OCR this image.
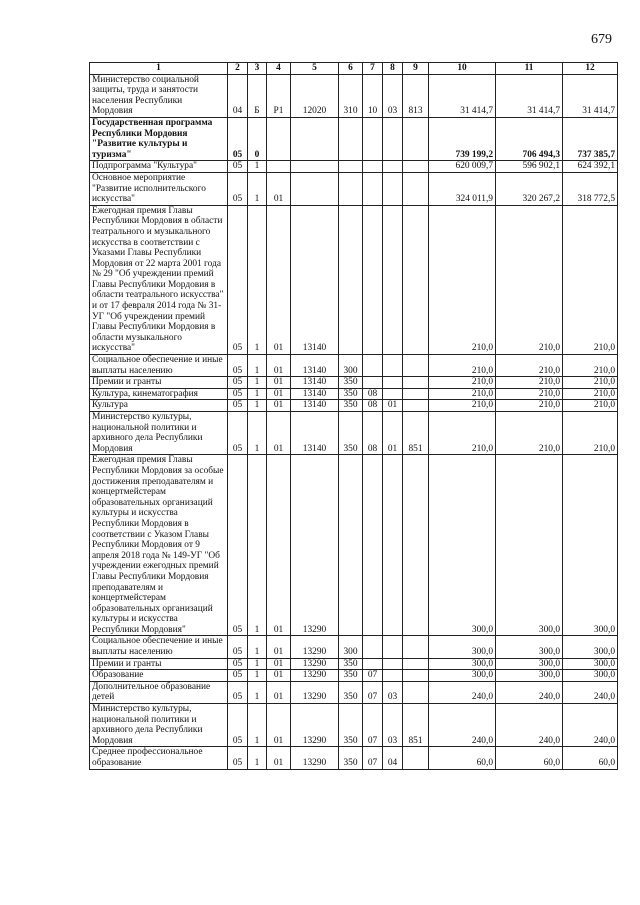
679
1	2	3	4	5	6	7	8	9	10	11	12
Министерство социальной защиты, труда и занятости населения Республики Мордовия	04	Б	Р1	12020	310	10	03	813	31 414,7	31 414,7	31 414,7
Государственная программа Республики Мордовия "Развитие культуры и туризма"	05	0							739 199,2	706 494,3	737 385,7
Подпрограмма "Культура"	05	1							620 009,7	596 902,1	624 392,1
Основное мероприятие "Развитие исполнительского искусства"	05	1	01						324 011,9	320 267,2	318 772,5
Ежегодная премия Главы Республики Мордовия в области театрального и музыкального искусства в соответствии с Указами Главы Республики Мордовия от 22 марта 2001 года № 29 "Об учреждении премий Главы Республики Мордовия в области театрального искусства" и от 17 февраля 2014 года № 31-УГ "Об учреждении премий Главы Республики Мордовия в области музыкального искусства"	05	1	01	13140					210,0	210,0	210,0
Социальное обеспечение и иные выплаты населению	05	1	01	13140	300				210,0	210,0	210,0
Премии и гранты	05	1	01	13140	350				210,0	210,0	210,0
Культура, кинематография	05	1	01	13140	350	08			210,0	210,0	210,0
Культура	05	1	01	13140	350	08	01		210,0	210,0	210,0
Министерство культуры, национальной политики и архивного дела Республики Мордовия	05	1	01	13140	350	08	01	851	210,0	210,0	210,0
Ежегодная премия Главы Республики Мордовия за особые достижения преподавателям и концертмейстерам образовательных организаций культуры и искусства Республики Мордовия в соответствии с Указом Главы Республики Мордовия от 9 апреля 2018 года № 149-УГ "Об учреждении ежегодных премий Главы Республики Мордовия преподавателям и концертмейстерам образовательных организаций культуры и искусства Республики Мордовия"	05	1	01	13290					300,0	300,0	300,0
Социальное обеспечение и иные выплаты населению	05	1	01	13290	300				300,0	300,0	300,0
Премии и гранты	05	1	01	13290	350				300,0	300,0	300,0
Образование	05	1	01	13290	350	07			300,0	300,0	300,0
Дополнительное образование детей	05	1	01	13290	350	07	03		240,0	240,0	240,0
Министерство культуры, национальной политики и архивного дела Республики Мордовия	05	1	01	13290	350	07	03	851	240,0	240,0	240,0
Среднее профессиональное образование	05	1	01	13290	350	07	04		60,0	60,0	60,0
